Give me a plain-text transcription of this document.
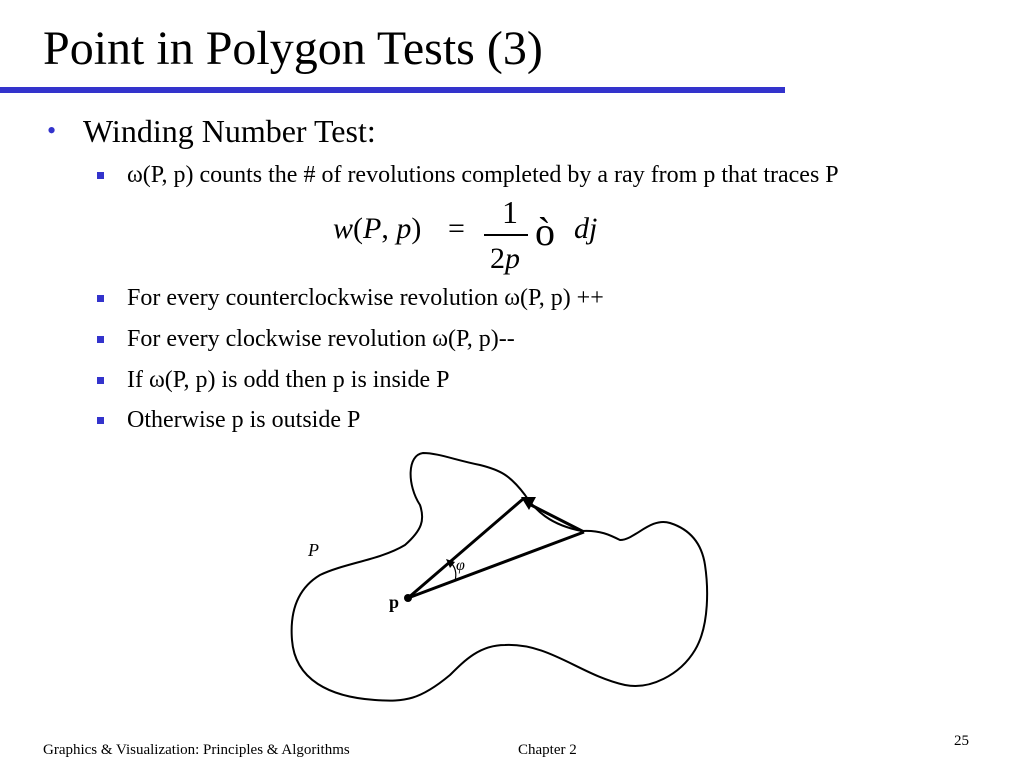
Point in Polygon Tests (3)
• Winding Number Test:
ω(P, p) counts the # of revolutions completed by a ray from p that traces P
For every counterclockwise revolution ω(P, p) ++
For every clockwise revolution ω(P, p)--
If ω(P, p) is odd then p is inside P
Otherwise p is outside P
w(P, p) = 1
2p
ò dj
P
p
φ
Graphics & Visualization: Principles & Algorithms	Chapter 2
25
